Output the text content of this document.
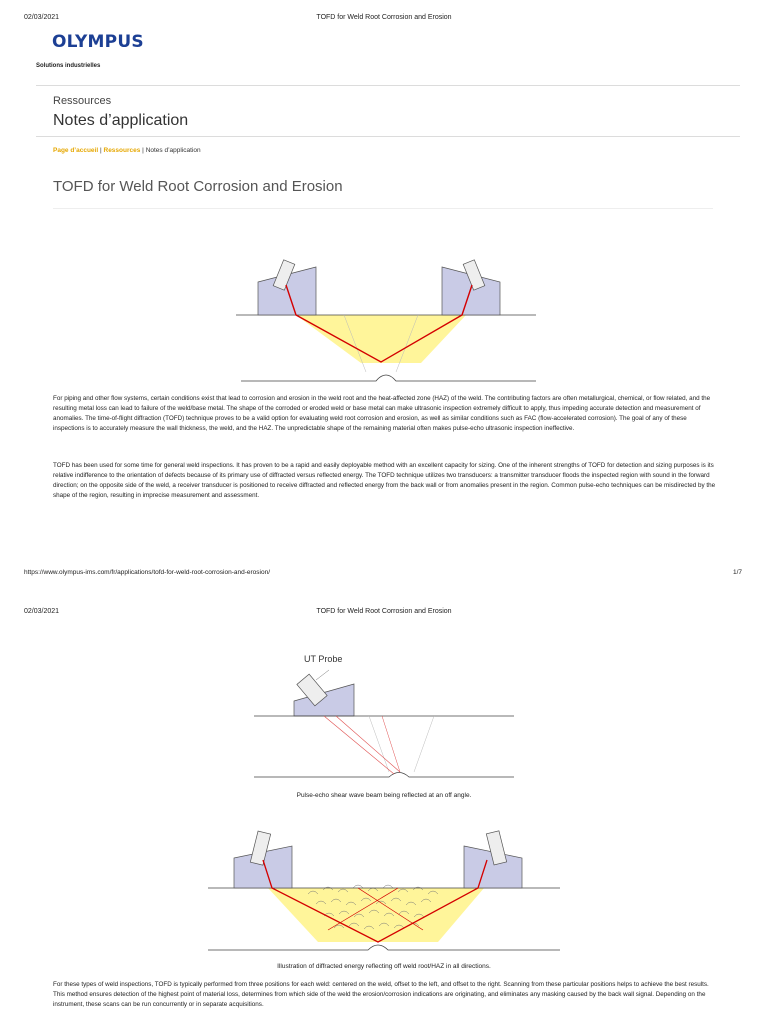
02/03/2021	TOFD for Weld Root Corrosion and Erosion
OLYMPUS
Solutions industrielles
Ressources
Notes d’application
Page d’accueil | Ressources | Notes d’application
TOFD for Weld Root Corrosion and Erosion
For piping and other flow systems, certain conditions exist that lead to corrosion and erosion in the weld root and the heat-affected zone (HAZ) of the weld. The contributing factors are often metallurgical, chemical, or flow related, and the resulting metal loss can lead to failure of the weld/base metal. The shape of the corroded or eroded weld or base metal can make ultrasonic inspection extremely difficult to apply, thus impeding accurate detection and measurement of anomalies. The time-of-flight diffraction (TOFD) technique proves to be a valid option for evaluating weld root corrosion and erosion, as well as similar conditions such as FAC (flow-accelerated corrosion). The goal of any of these inspections is to accurately measure the wall thickness, the weld, and the HAZ. The unpredictable shape of the remaining material often makes pulse-echo ultrasonic inspection ineffective.
TOFD has been used for some time for general weld inspections. It has proven to be a rapid and easily deployable method with an excellent capacity for sizing. One of the inherent strengths of TOFD for detection and sizing purposes is its relative indifference to the orientation of defects because of its primary use of diffracted versus reflected energy. The TOFD technique utilizes two transducers: a transmitter transducer floods the inspected region with sound in the forward direction; on the opposite side of the weld, a receiver transducer is positioned to receive diffracted and reflected energy from the back wall or from anomalies present in the region. Common pulse-echo techniques can be misdirected by the shape of the region, resulting in imprecise measurement and assessment.
https://www.olympus-ims.com/fr/applications/tofd-for-weld-root-corrosion-and-erosion/	1/7
02/03/2021	TOFD for Weld Root Corrosion and Erosion
UT Probe
Pulse-echo shear wave beam being reflected at an off angle.
Illustration of diffracted energy reflecting off weld root/HAZ in all directions.
For these types of weld inspections, TOFD is typically performed from three positions for each weld: centered on the weld, offset to the left, and offset to the right. Scanning from these particular positions helps to achieve the best results. This method ensures detection of the highest point of material loss, determines from which side of the weld the erosion/corrosion indications are originating, and eliminates any masking caused by the back wall signal. Depending on the instrument, these scans can be run concurrently or in separate acquisitions.
